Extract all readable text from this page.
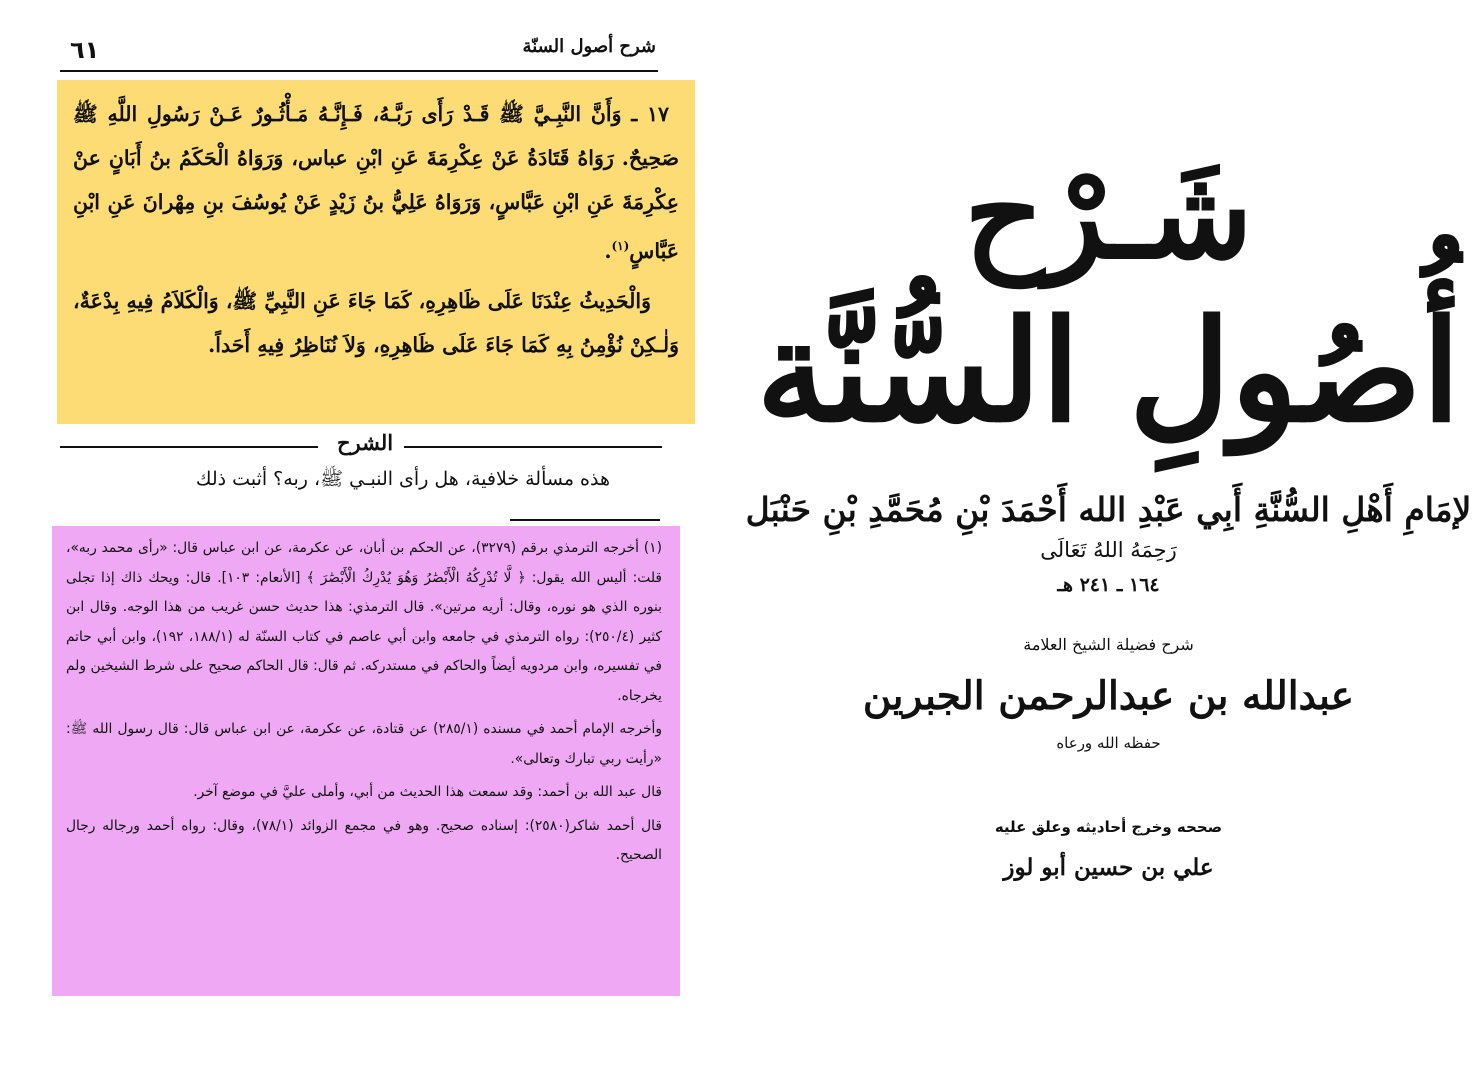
٦١	شرح أصول السنّة

١٧ ـ وَأَنَّ النَّبِـيَّ ﷺ قَـدْ رَأَى رَبَّـهُ، فَـإِنَّـهُ مَـأْثُـورٌ عَـنْ رَسُولِ اللَّهِ ﷺ صَحِيحٌ. رَوَاهُ قَتَادَةُ عَنْ عِكْرِمَةَ عَنِ ابْنِ عباس، وَرَوَاهُ الْحَكَمُ بنُ أَبَانٍ عنْ عِكْرِمَةَ عَنِ ابْنِ عَبَّاسٍ، وَرَوَاهُ عَلِيُّ بنُ زَيْدٍ عَنْ يُوسُفَ بنِ مِهْرانَ عَنِ ابْنِ عَبَّاسٍ$^{(١)}$.

وَالْحَدِيثُ عِنْدَنَا عَلَى ظَاهِرِهِ، كَمَا جَاءَ عَنِ النَّبِيِّ ﷺ، وَالْكَلاَمُ فِيهِ بِدْعَةٌ، وَلٰـكِنْ نُؤْمِنُ بِهِ كَمَا جَاءَ عَلَى ظَاهِرِهِ، وَلاَ نُنَاظِرُ فِيهِ أَحَداً.

الشرح

هذه مسألة خلافية، هل رأى النبـي ﷺ، ربه؟ أثبت ذلك

(١) أخرجه الترمذي برقم (٣٢٧٩)، عن الحكم بن أبان، عن عكرمة، عن ابن عباس قال: «رأى محمد ربه»، قلت: أليس الله يقول: ﴿ لَّا تُدْرِكُهُ الْأَبْصَٰرُ وَهُوَ يُدْرِكُ الْأَبْصَٰرَ ﴾ [الأنعام: ١٠٣]. قال: ويحك ذاك إذا تجلى بنوره الذي هو نوره، وقال: أريه مرتين». قال الترمذي: هذا حديث حسن غريب من هذا الوجه. وقال ابن كثير (٢٥٠/٤): رواه الترمذي في جامعه وابن أبي عاصم في كتاب السنّة له (١٨٨/١، ١٩٢)، وابن أبي حاتم في تفسيره، وابن مردويه أيضاً والحاكم في مستدركه. ثم قال: قال الحاكم صحيح على شرط الشيخين ولم يخرجاه.

وأخرجه الإمام أحمد في مسنده (٢٨٥/١) عن قتادة، عن عكرمة، عن ابن عباس قال: قال رسول الله ﷺ: «رأيت ربي تبارك وتعالى».

قال عبد الله بن أحمد: وقد سمعت هذا الحديث من أبي، وأملى عليَّ في موضع آخر.

قال أحمد شاكر(٢٥٨٠): إسناده صحيح. وهو في مجمع الزوائد (٧٨/١)، وقال: رواه أحمد ورجاله رجال الصحيح.

شَـرْح
أُصُولِ السُّنَّة
لإمَامِ أَهْلِ السُّنَّةِ أَبِي عَبْدِ الله أَحْمَدَ بْنِ مُحَمَّدِ بْنِ حَنْبَل
رَحِمَهُ اللهُ تَعَالَى
١٦٤ ـ ٢٤١ هـ
شرح فضيلة الشيخ العلامة
عبدالله بن عبدالرحمن الجبرين
حفظه الله ورعاه
صححه وخرج أحاديثه وعلق عليه
علي بن حسين أبو لوز
